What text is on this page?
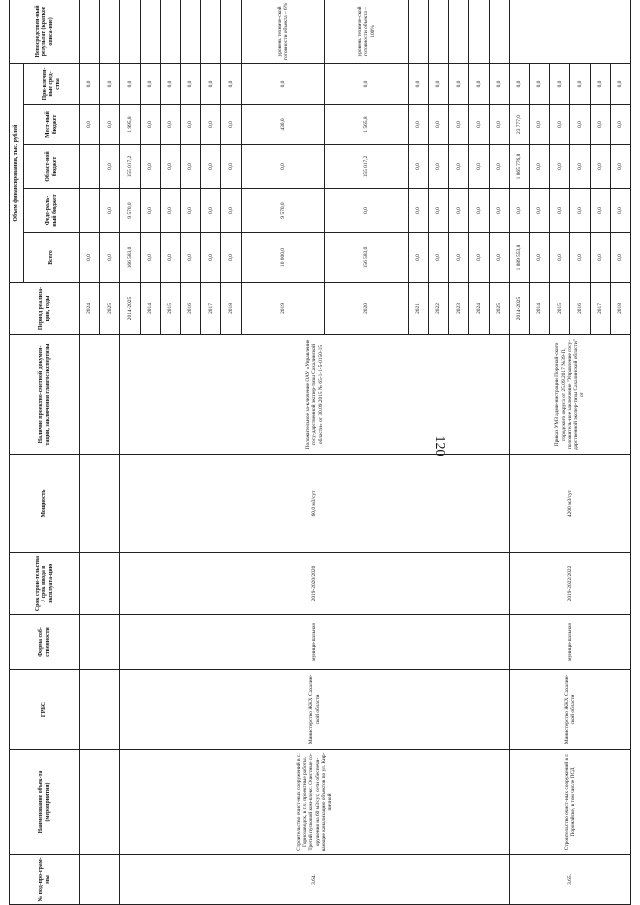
120
№ под-про-грам-мы	Наименование объек-та (мероприятия)	ГРБС	Форма соб-ственности	Срок строи-тельства / срок ввода в эксплуата-цию	Мощность	Наличие проектно-сметной докумен-тации, заключения главгосэкспертизы	Период реализа-ции, годы	Объем финансирования, тыс. рублей					Непосредствен-ный результат (краткое описа-ние)
								Всего	Феде-раль-ный бюджет	Област-ной бюджет	Мест-ный бюджет	При-влечен-ные сред-ства	
							2024	0,0			0,0	0,0	
							2025	0,0	0,0	0,0	0,0	0,0	
3.64.	Строительство очист-ных сооружений в с. Горнозаводск, в т.ч. проектные работы. Третий пусковой ком-плекс. Очистные со-оружения на 60 м3/сут, сети обеспечи-вающие канализацию объектов по ул. Кир-пичной	Министерство ЖКХ Сахалин-ской области	муници-пальная	2019-2020/2020	60,0 м3/сут	Положительное за-ключение ОАУ «Управление госу-дарственной экспер-тизы Сахалинской области» от 30.09.2015 № 65-1-1-5-0150-15	2014-2025	166 583,0	9 570,0	155 017,2	1 995,8	0,0	
							2014	0,0	0,0	0,0	0,0	0,0	
							2015	0,0	0,0	0,0	0,0	0,0	
							2016	0,0	0,0	0,0	0,0	0,0	
							2017	0,0	0,0	0,0	0,0	0,0	
							2018	0,0	0,0	0,0	0,0	0,0	
							2019	10 000,0	9 570,0	0,0	430,0	0,0	уровень техниче-ской готовности объекта – 6%
							2020	156 583,0	0,0	155 017,2	1 565,8	0,0	уровень техниче-ской готовности объекта – 100%
							2021	0,0	0,0	0,0	0,0	0,0	
							2022	0,0	0,0	0,0	0,0	0,0	
							2023	0,0	0,0	0,0	0,0	0,0	
							2024	0,0	0,0	0,0	0,0	0,0	
							2025	0,0	0,0	0,0	0,0	0,0	
3.65.	Строительство очист-ных сооружений в г. Поронайске, в том числе ПСД	Министерство ЖКХ Сахалин-ской области	муници-пальная	2019-2022/2022	4200 м3/сут	Приказ УМЗ адми-нистрации Поронай-ского городского округа от 25.09.2017 №39-П, положитель-ное заключение "Управление госу-дарственной экспер-тизы Сахалинской области" от	2014-2025	1 889 553,8	0,0	1 865 776,8	23 777,0	0,0	
							2014	0,0	0,0	0,0	0,0	0,0	
							2015	0,0	0,0	0,0	0,0	0,0	
							2016	0,0	0,0	0,0	0,0	0,0	
							2017	0,0	0,0	0,0	0,0	0,0	
							2018	0,0	0,0	0,0	0,0	0,0	
